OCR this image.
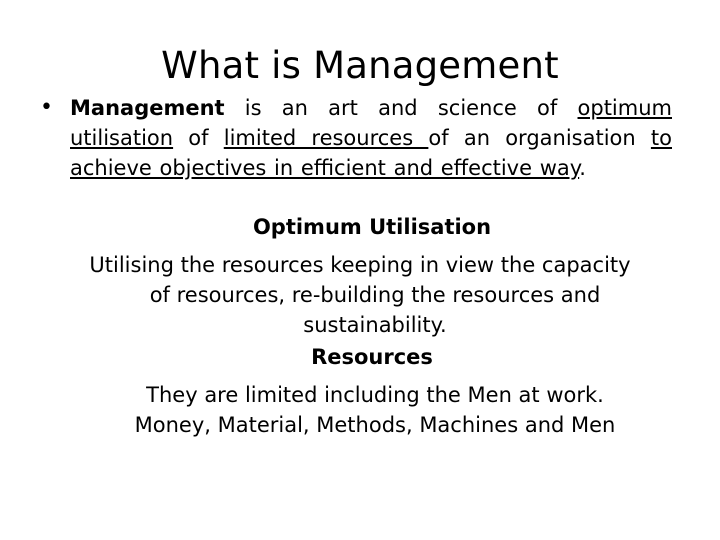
What is Management
• Management is an art and science of optimum utilisation of limited resources of an organisation to achieve objectives in efficient and effective way.
Optimum Utilisation
Utilising the resources keeping in view the capacity
of resources, re-building the resources and
sustainability.
Resources
They are limited including the Men at work.
Money, Material, Methods, Machines and Men
